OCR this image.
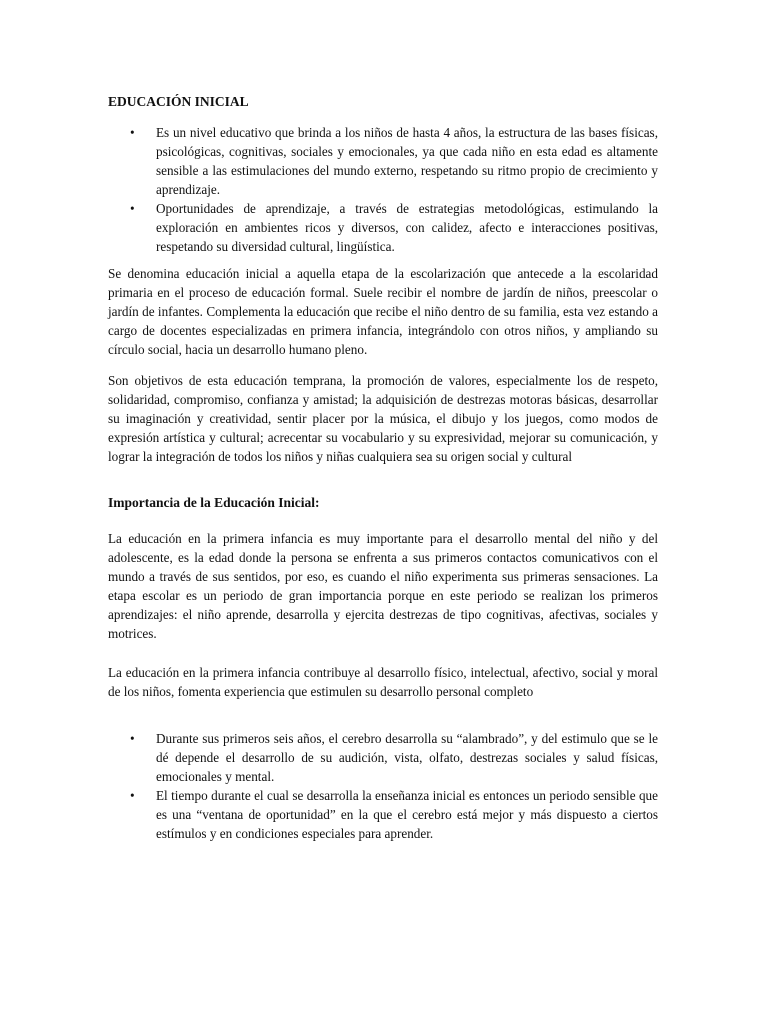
EDUCACIÓN INICIAL
• Es un nivel educativo que brinda a los niños de hasta 4 años, la estructura de las bases físicas, psicológicas, cognitivas, sociales y emocionales, ya que cada niño en esta edad es altamente sensible a las estimulaciones del mundo externo, respetando su ritmo propio de crecimiento y aprendizaje.
• Oportunidades de aprendizaje, a través de estrategias metodológicas, estimulando la exploración en ambientes ricos y diversos, con calidez, afecto e interacciones positivas, respetando su diversidad cultural, lingüística.

Se denomina educación inicial a aquella etapa de la escolarización que antecede a la escolaridad primaria en el proceso de educación formal. Suele recibir el nombre de jardín de niños, preescolar o jardín de infantes. Complementa la educación que recibe el niño dentro de su familia, esta vez estando a cargo de docentes especializadas en primera infancia, integrándolo con otros niños, y ampliando su círculo social, hacia un desarrollo humano pleno.

Son objetivos de esta educación temprana, la promoción de valores, especialmente los de respeto, solidaridad, compromiso, confianza y amistad; la adquisición de destrezas motoras básicas, desarrollar su imaginación y creatividad, sentir placer por la música, el dibujo y los juegos, como modos de expresión artística y cultural; acrecentar su vocabulario y su expresividad, mejorar su comunicación, y lograr la integración de todos los niños y niñas cualquiera sea su origen social y cultural

Importancia de la Educación Inicial:

La educación en la primera infancia es muy importante para el desarrollo mental del niño y del adolescente, es la edad donde la persona se enfrenta a sus primeros contactos comunicativos con el mundo a través de sus sentidos, por eso, es cuando el niño experimenta sus primeras sensaciones. La etapa escolar es un periodo de gran importancia porque en este periodo se realizan los primeros aprendizajes: el niño aprende, desarrolla y ejercita destrezas de tipo cognitivas, afectivas, sociales y motrices.

La educación en la primera infancia contribuye al desarrollo físico, intelectual, afectivo, social y moral de los niños, fomenta experiencia que estimulen su desarrollo personal completo

• Durante sus primeros seis años, el cerebro desarrolla su “alambrado”, y del estimulo que se le dé depende el desarrollo de su audición, vista, olfato, destrezas sociales y salud físicas, emocionales y mental.
• El tiempo durante el cual se desarrolla la enseñanza inicial es entonces un periodo sensible que es una “ventana de oportunidad” en la que el cerebro está mejor y más dispuesto a ciertos estímulos y en condiciones especiales para aprender.
